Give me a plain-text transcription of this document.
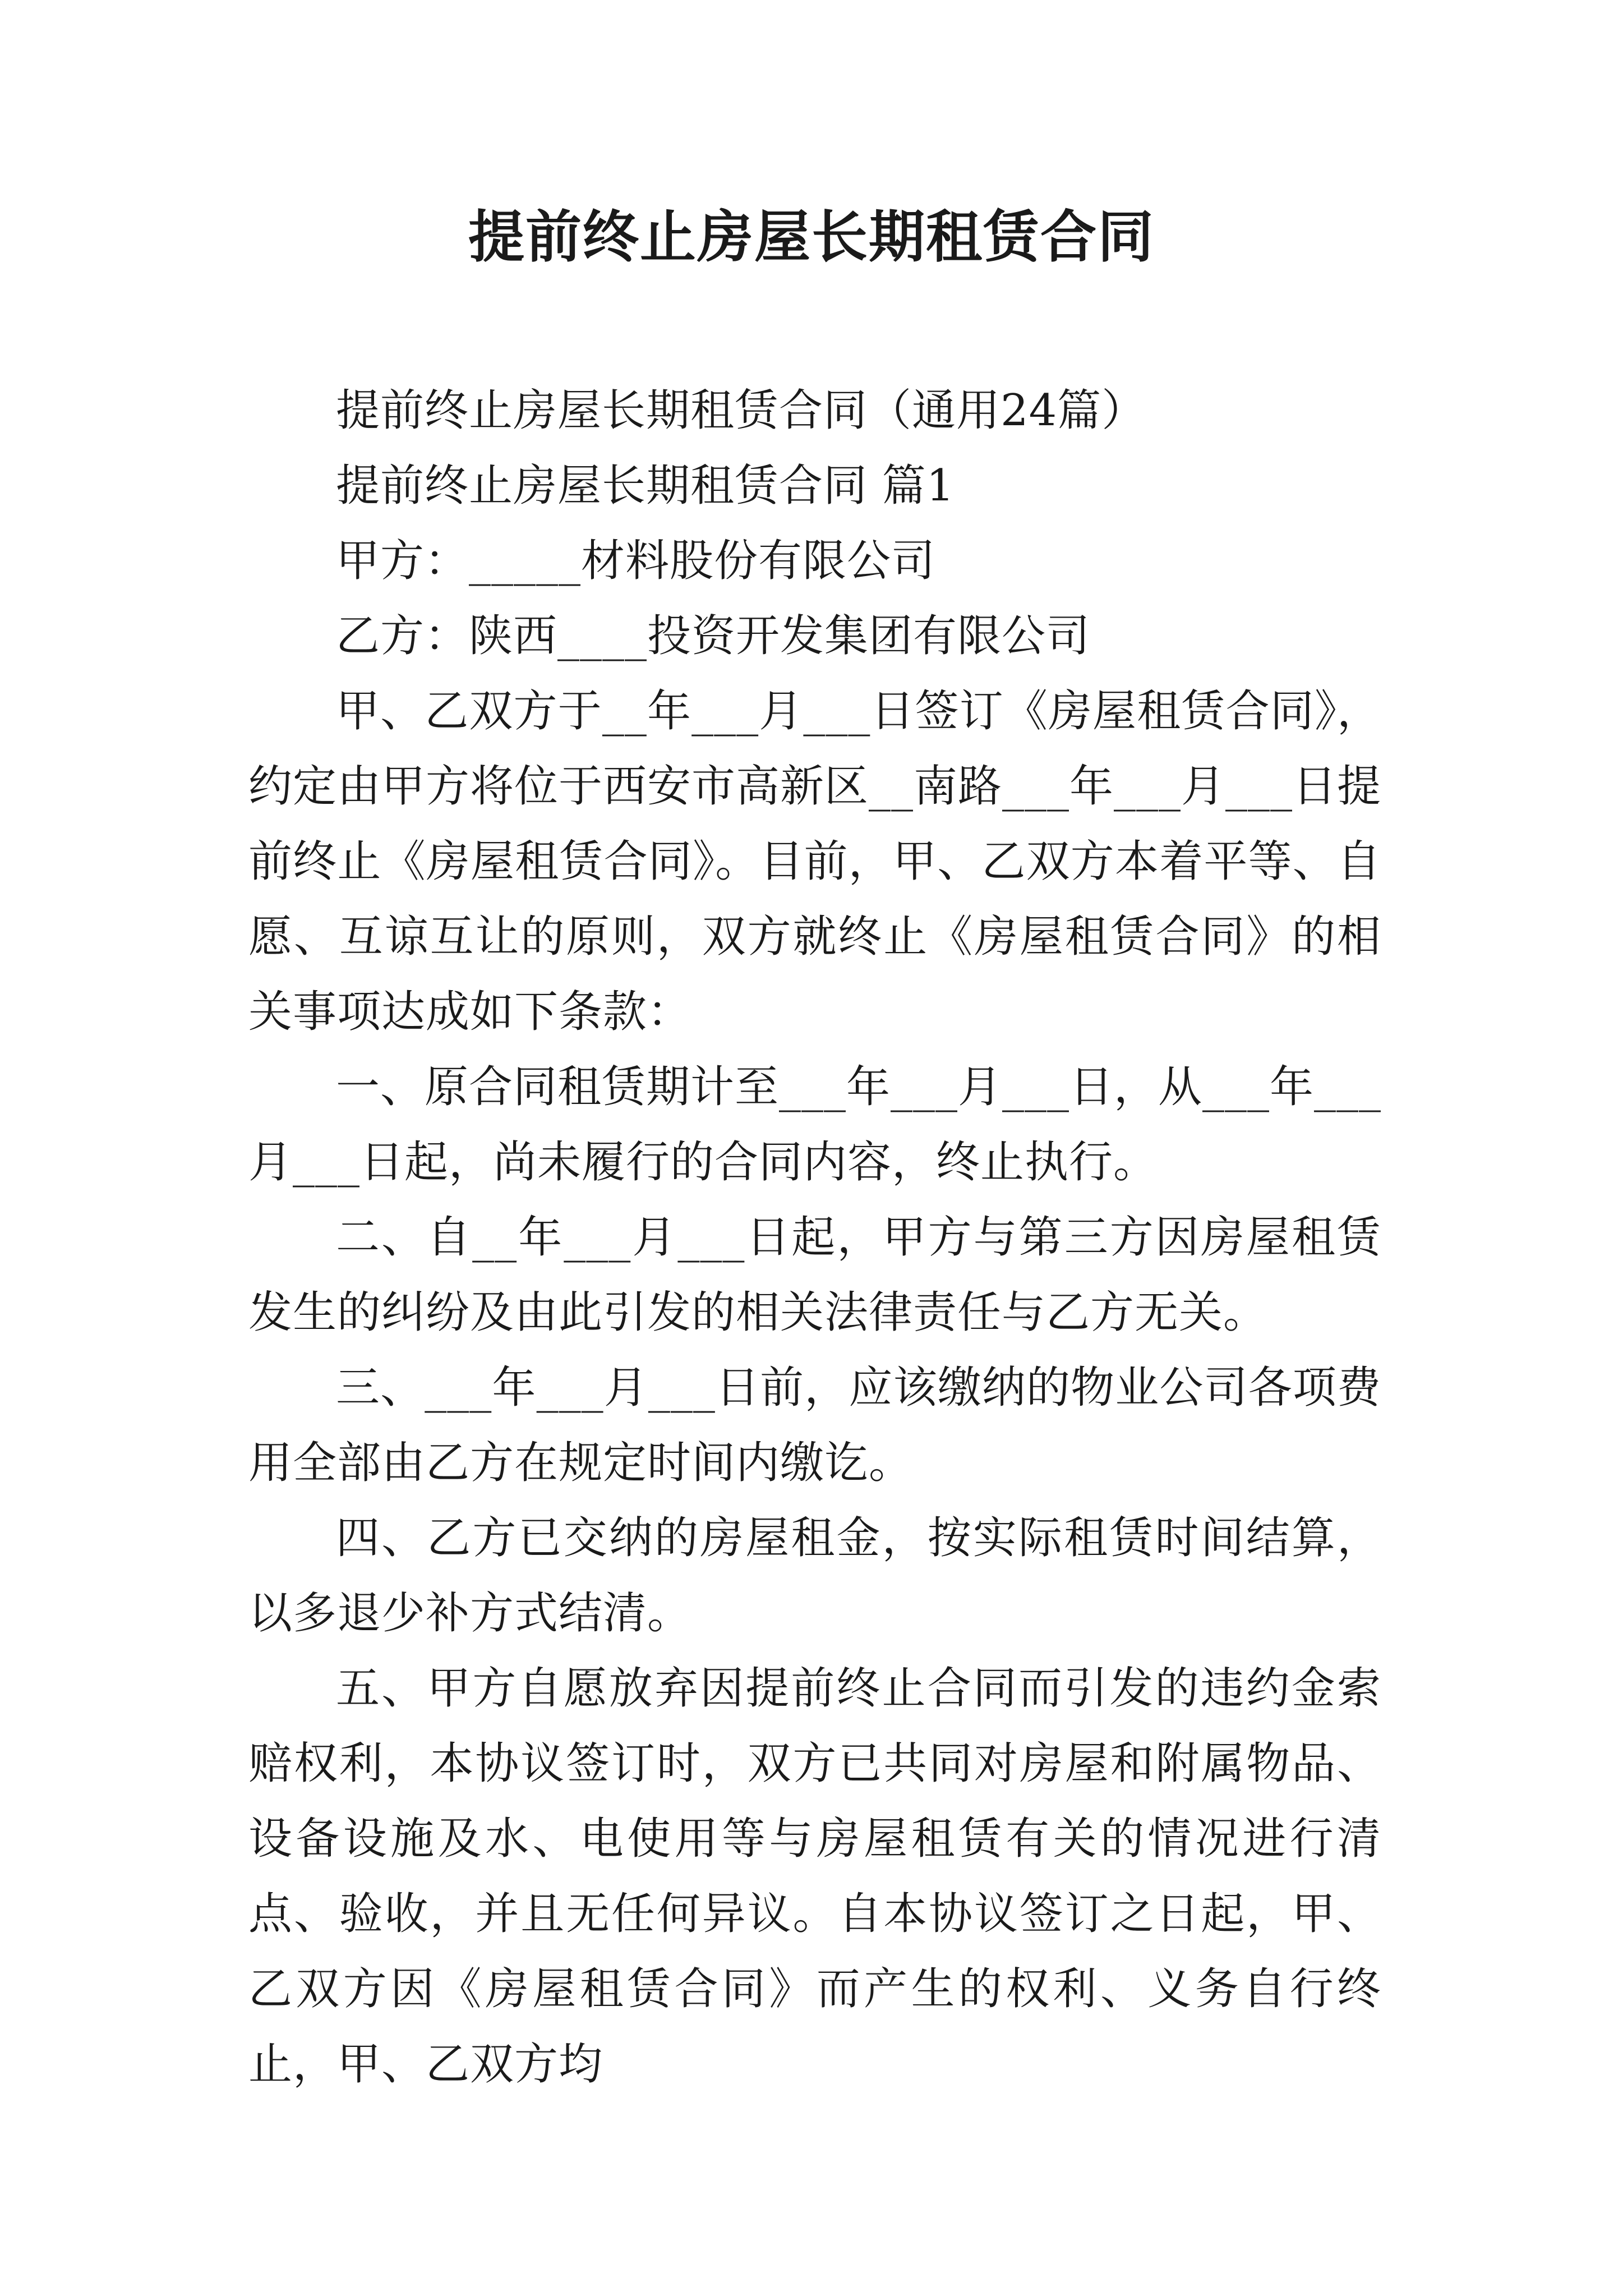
提前终止房屋长期租赁合同

提前终止房屋长期租赁合同（通用24篇）

提前终止房屋长期租赁合同 篇1

甲方：_____材料股份有限公司

乙方：陕西____投资开发集团有限公司

甲、乙双方于__年___月___日签订《房屋租赁合同》，约定由甲方将位于西安市高新区__南路___年___月___日提前终止《房屋租赁合同》。目前，甲、乙双方本着平等、自愿、互谅互让的原则，双方就终止《房屋租赁合同》的相关事项达成如下条款：

一、原合同租赁期计至___年___月___日，从___年___月___日起，尚未履行的合同内容，终止执行。

二、自__年___月___日起，甲方与第三方因房屋租赁发生的纠纷及由此引发的相关法律责任与乙方无关。

三、___年___月___日前，应该缴纳的物业公司各项费用全部由乙方在规定时间内缴讫。

四、乙方已交纳的房屋租金，按实际租赁时间结算，以多退少补方式结清。

五、甲方自愿放弃因提前终止合同而引发的违约金索赔权利，本协议签订时，双方已共同对房屋和附属物品、设备设施及水、电使用等与房屋租赁有关的情况进行清点、验收，并且无任何异议。自本协议签订之日起，甲、乙双方因《房屋租赁合同》而产生的权利、义务自行终止，甲、乙双方均
